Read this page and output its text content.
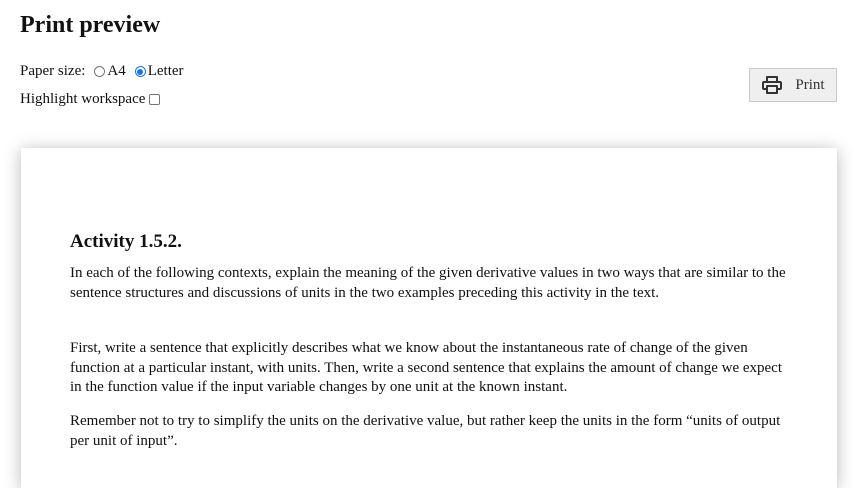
Print preview
Paper size: A4 Letter
Highlight workspace
Print
Activity 1.5.2.

In each of the following contexts, explain the meaning of the given derivative values in two ways that are similar to the sentence structures and discussions of units in the two examples preceding this activity in the text.

First, write a sentence that explicitly describes what we know about the instantaneous rate of change of the given function at a particular instant, with units. Then, write a second sentence that explains the amount of change we expect in the function value if the input variable changes by one unit at the known instant.

Remember not to try to simplify the units on the derivative value, but rather keep the units in the form “units of output per unit of input”.
